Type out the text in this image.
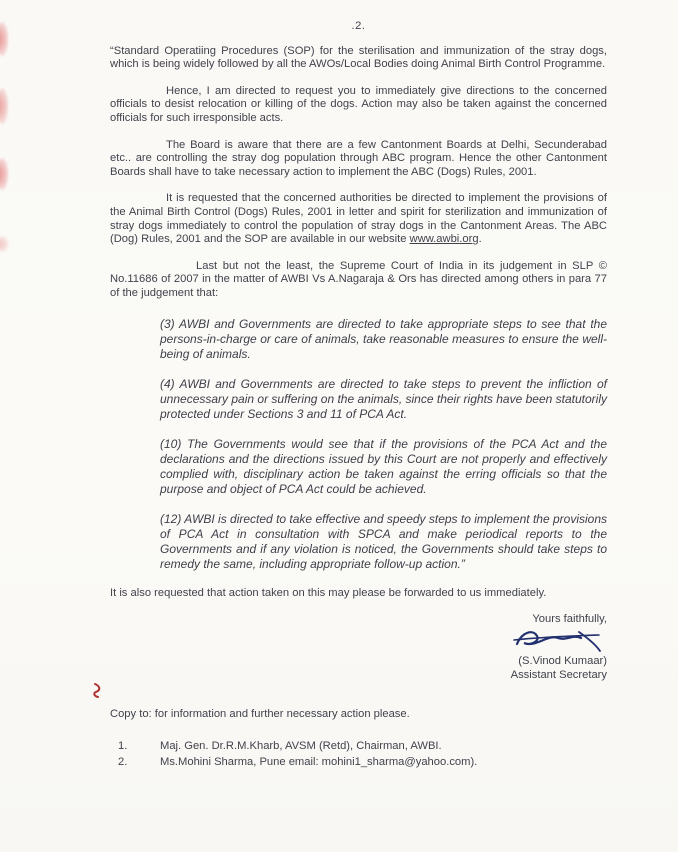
.2.

“Standard Operatiing Procedures (SOP) for the sterilisation and immunization of the stray dogs, which is being widely followed by all the AWOs/Local Bodies doing Animal Birth Control Programme.

Hence, I am directed to request you to immediately give directions to the concerned officials to desist relocation or killing of the dogs. Action may also be taken against the concerned officials for such irresponsible acts.

The Board is aware that there are a few Cantonment Boards at Delhi, Secunderabad etc.. are controlling the stray dog population through ABC program. Hence the other Cantonment Boards shall have to take necessary action to implement the ABC (Dogs) Rules, 2001.

It is requested that the concerned authorities be directed to implement the provisions of the Animal Birth Control (Dogs) Rules, 2001 in letter and spirit for sterilization and immunization of stray dogs immediately to control the population of stray dogs in the Cantonment Areas. The ABC (Dog) Rules, 2001 and the SOP are available in our website www.awbi.org.

Last but not the least, the Supreme Court of India in its judgement in SLP © No.11686 of 2007 in the matter of AWBI Vs A.Nagaraja & Ors has directed among others in para 77 of the judgement that:

(3) AWBI and Governments are directed to take appropriate steps to see that the persons-in-charge or care of animals, take reasonable measures to ensure the well-being of animals.

(4) AWBI and Governments are directed to take steps to prevent the infliction of unnecessary pain or suffering on the animals, since their rights have been statutorily protected under Sections 3 and 11 of PCA Act.

(10) The Governments would see that if the provisions of the PCA Act and the declarations and the directions issued by this Court are not properly and effectively complied with, disciplinary action be taken against the erring officials so that the purpose and object of PCA Act could be achieved.

(12) AWBI is directed to take effective and speedy steps to implement the provisions of PCA Act in consultation with SPCA and make periodical reports to the Governments and if any violation is noticed, the Governments should take steps to remedy the same, including appropriate follow-up action.”

It is also requested that action taken on this may please be forwarded to us immediately.

Yours faithfully,
(S.Vinod Kumaar)
Assistant Secretary

Copy to: for information and further necessary action please.

1.	Maj. Gen. Dr.R.M.Kharb, AVSM (Retd), Chairman, AWBI.
2.	Ms.Mohini Sharma, Pune email: mohini1_sharma@yahoo.com).
